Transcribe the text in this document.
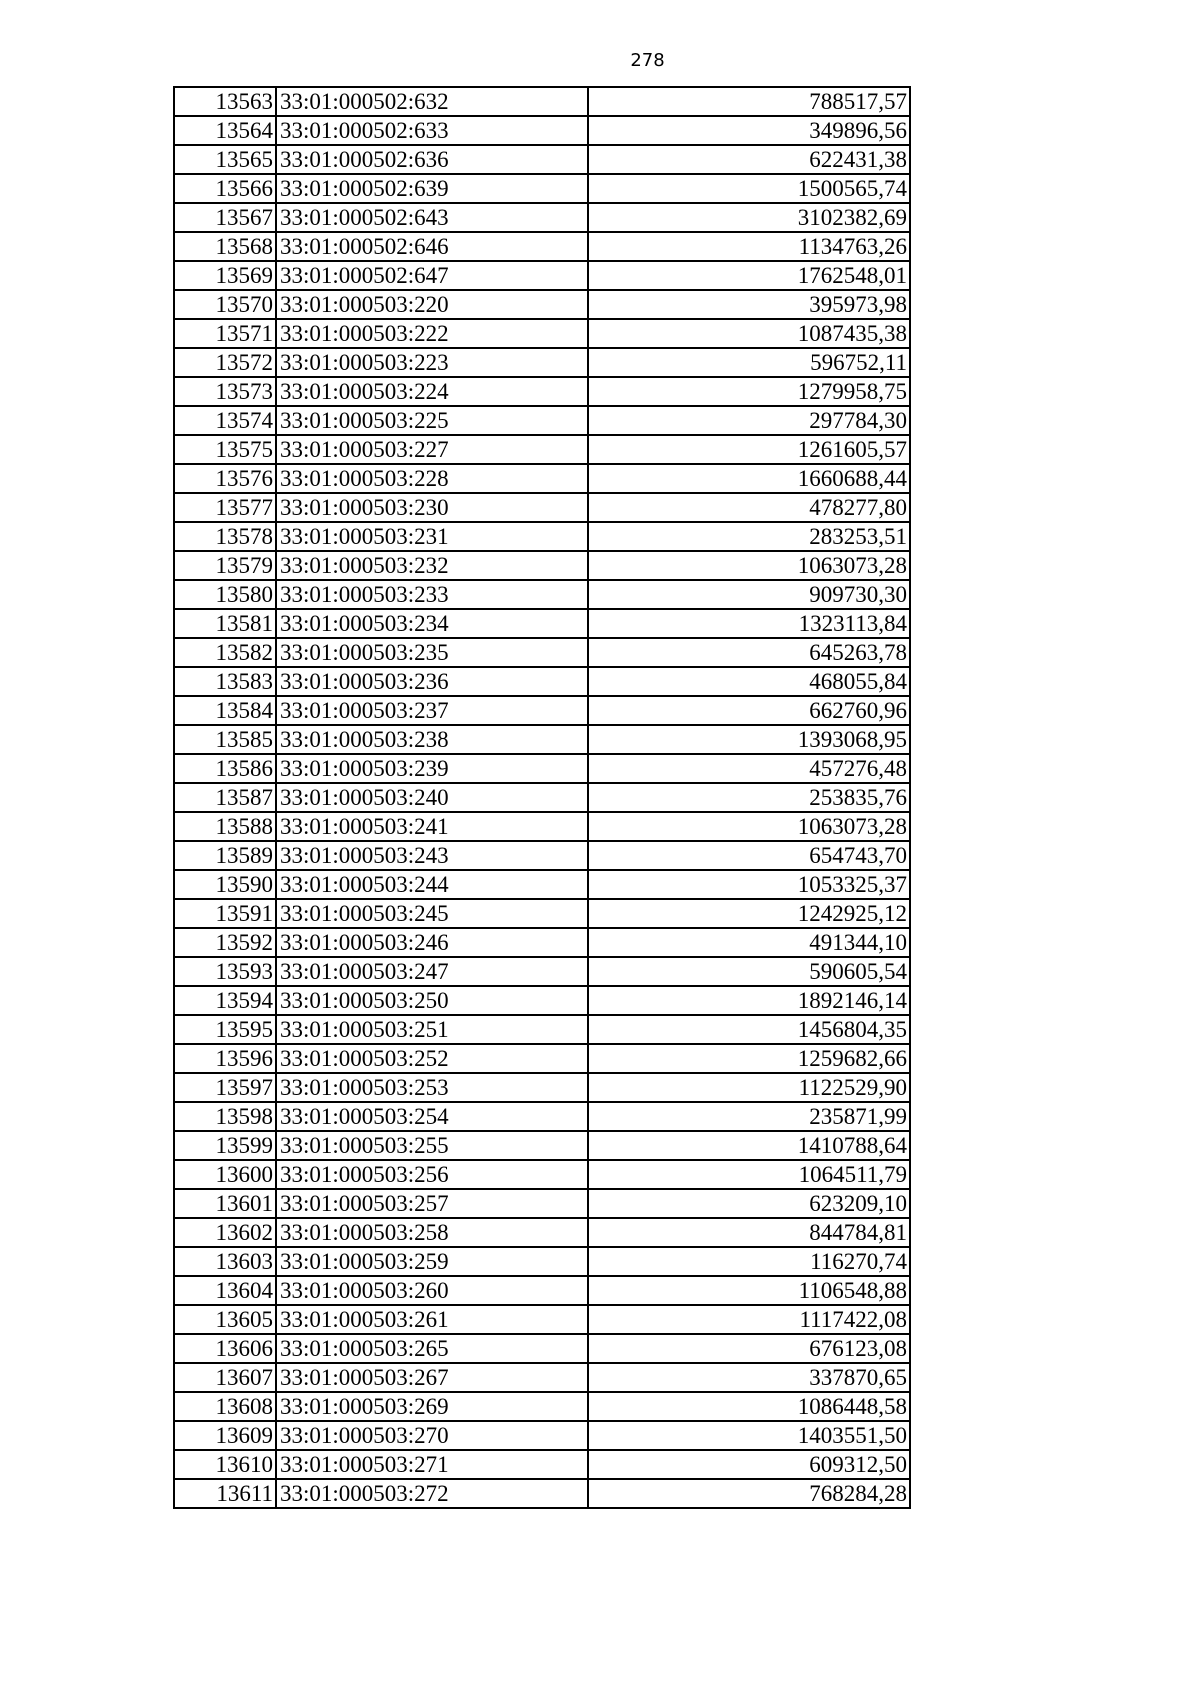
278
13563	33:01:000502:632	788517,57
13564	33:01:000502:633	349896,56
13565	33:01:000502:636	622431,38
13566	33:01:000502:639	1500565,74
13567	33:01:000502:643	3102382,69
13568	33:01:000502:646	1134763,26
13569	33:01:000502:647	1762548,01
13570	33:01:000503:220	395973,98
13571	33:01:000503:222	1087435,38
13572	33:01:000503:223	596752,11
13573	33:01:000503:224	1279958,75
13574	33:01:000503:225	297784,30
13575	33:01:000503:227	1261605,57
13576	33:01:000503:228	1660688,44
13577	33:01:000503:230	478277,80
13578	33:01:000503:231	283253,51
13579	33:01:000503:232	1063073,28
13580	33:01:000503:233	909730,30
13581	33:01:000503:234	1323113,84
13582	33:01:000503:235	645263,78
13583	33:01:000503:236	468055,84
13584	33:01:000503:237	662760,96
13585	33:01:000503:238	1393068,95
13586	33:01:000503:239	457276,48
13587	33:01:000503:240	253835,76
13588	33:01:000503:241	1063073,28
13589	33:01:000503:243	654743,70
13590	33:01:000503:244	1053325,37
13591	33:01:000503:245	1242925,12
13592	33:01:000503:246	491344,10
13593	33:01:000503:247	590605,54
13594	33:01:000503:250	1892146,14
13595	33:01:000503:251	1456804,35
13596	33:01:000503:252	1259682,66
13597	33:01:000503:253	1122529,90
13598	33:01:000503:254	235871,99
13599	33:01:000503:255	1410788,64
13600	33:01:000503:256	1064511,79
13601	33:01:000503:257	623209,10
13602	33:01:000503:258	844784,81
13603	33:01:000503:259	116270,74
13604	33:01:000503:260	1106548,88
13605	33:01:000503:261	1117422,08
13606	33:01:000503:265	676123,08
13607	33:01:000503:267	337870,65
13608	33:01:000503:269	1086448,58
13609	33:01:000503:270	1403551,50
13610	33:01:000503:271	609312,50
13611	33:01:000503:272	768284,28
